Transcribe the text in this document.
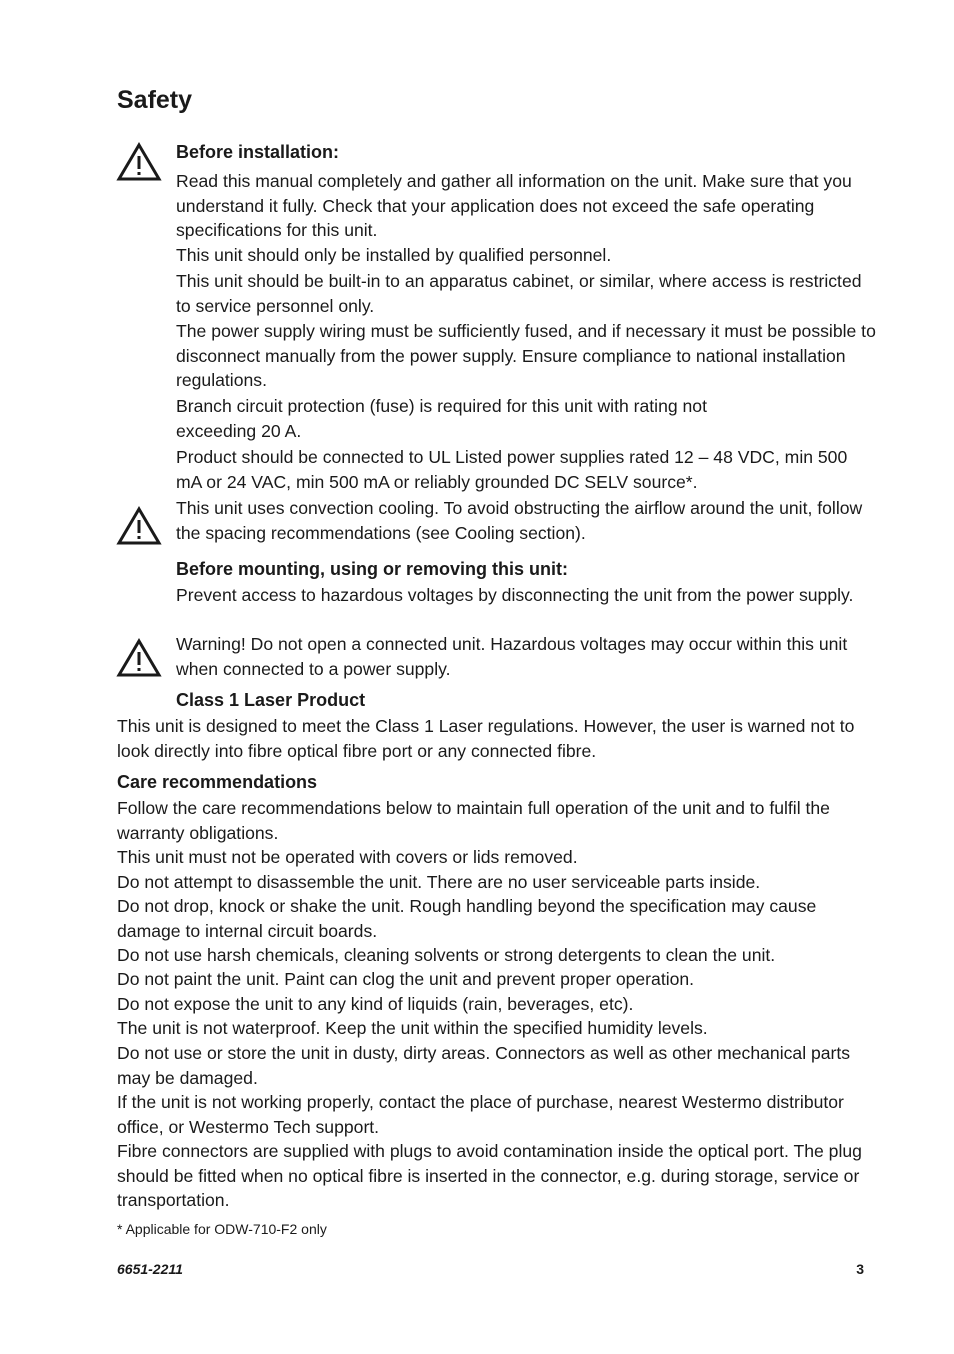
Safety

Before installation:

Read this manual completely and gather all information on the unit. Make sure that you understand it fully. Check that your application does not exceed the safe operating specifications for this unit.

This unit should only be installed by qualified personnel.

This unit should be built-in to an apparatus cabinet, or similar, where access is restricted to service personnel only.

The power supply wiring must be sufficiently fused, and if necessary it must be possible to disconnect manually from the power supply. Ensure compliance to national installation regulations.

Branch circuit protection (fuse) is required for this unit with rating not exceeding 20 A.

Product should be connected to UL Listed power supplies rated 12 – 48 VDC, min 500 mA or 24 VAC, min 500 mA or reliably grounded DC SELV source*.

This unit uses convection cooling. To avoid obstructing the airflow around the unit, follow the spacing recommendations (see Cooling section).

Before mounting, using or removing this unit:

Prevent access to hazardous voltages by disconnecting the unit from the power supply.

Warning! Do not open a connected unit. Hazardous voltages may occur within this unit when connected to a power supply.

Class 1 Laser Product

This unit is designed to meet the Class 1 Laser regulations. However, the user is warned not to look directly into fibre optical fibre port or any connected fibre.

Care recommendations

Follow the care recommendations below to maintain full operation of the unit and to fulfil the warranty obligations.

This unit must not be operated with covers or lids removed.

Do not attempt to disassemble the unit. There are no user serviceable parts inside.

Do not drop, knock or shake the unit. Rough handling beyond the specification may cause damage to internal circuit boards.

Do not use harsh chemicals, cleaning solvents or strong detergents to clean the unit.

Do not paint the unit. Paint can clog the unit and prevent proper operation.

Do not expose the unit to any kind of liquids (rain, beverages, etc).

The unit is not waterproof. Keep the unit within the specified humidity levels.

Do not use or store the unit in dusty, dirty areas. Connectors as well as other mechanical parts may be damaged.

If the unit is not working properly, contact the place of purchase, nearest Westermo distributor office, or Westermo Tech support.

Fibre connectors are supplied with plugs to avoid contamination inside the optical port. The plug should be fitted when no optical fibre is inserted in the connector, e.g. during storage, service or transportation.

* Applicable for ODW-710-F2 only
6651-2211	3
